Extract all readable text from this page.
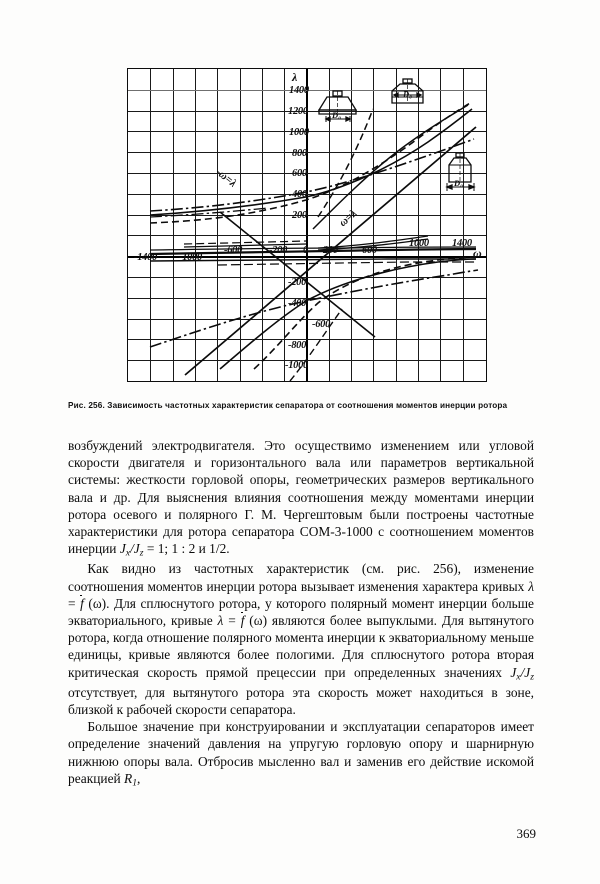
λ
ω
1400
1200
1000
800
600
400
200
-200
-400
-600
-800
-1000
-1400 -1000
-600	-200 0 200 600
1000 1400
-ω=λ
ω=λ
D₀
D₀
D₀
Рис. 256. Зависимость частотных характеристик сепаратора от соотношения моментов инерции ротора

возбуждений электродвигателя. Это осуществимо изменением или угловой скорости двигателя и горизонтального вала или параметров вертикальной системы: жесткости горловой опоры, геометрических размеров вертикального вала и др. Для выяснения влияния соотношения между моментами инерции ротора осевого и полярного Г. М. Чергештовым были построены частотные характеристики для ротора сепаратора СОМ-3-1000 с соотношением моментов инерции $J_x/J_z = 1$; 1 : 2 и 1/2.

Как видно из частотных характеристик (см. рис. 256), изменение соотношения моментов инерции ротора вызывает изменения характера кривых λ = f (ω). Для сплюснутого ротора, у которого полярный момент инерции больше экваториального, кривые λ = f (ω) являются более выпуклыми. Для вытянутого ротора, когда отношение полярного момента инерции к экваториальному меньше единицы, кривые являются более пологими. Для сплюснутого ротора вторая критическая скорость прямой прецессии при определенных значениях $J_x/J_z$ отсутствует, для вытянутого ротора эта скорость может находиться в зоне, близкой к рабочей скорости сепаратора.

Большое значение при конструировании и эксплуатации сепараторов имеет определение значений давления на упругую горловую опору и шарнирную нижнюю опоры вала. Отбросив мысленно вал и заменив его действие искомой реакцией $R_1$,

369
